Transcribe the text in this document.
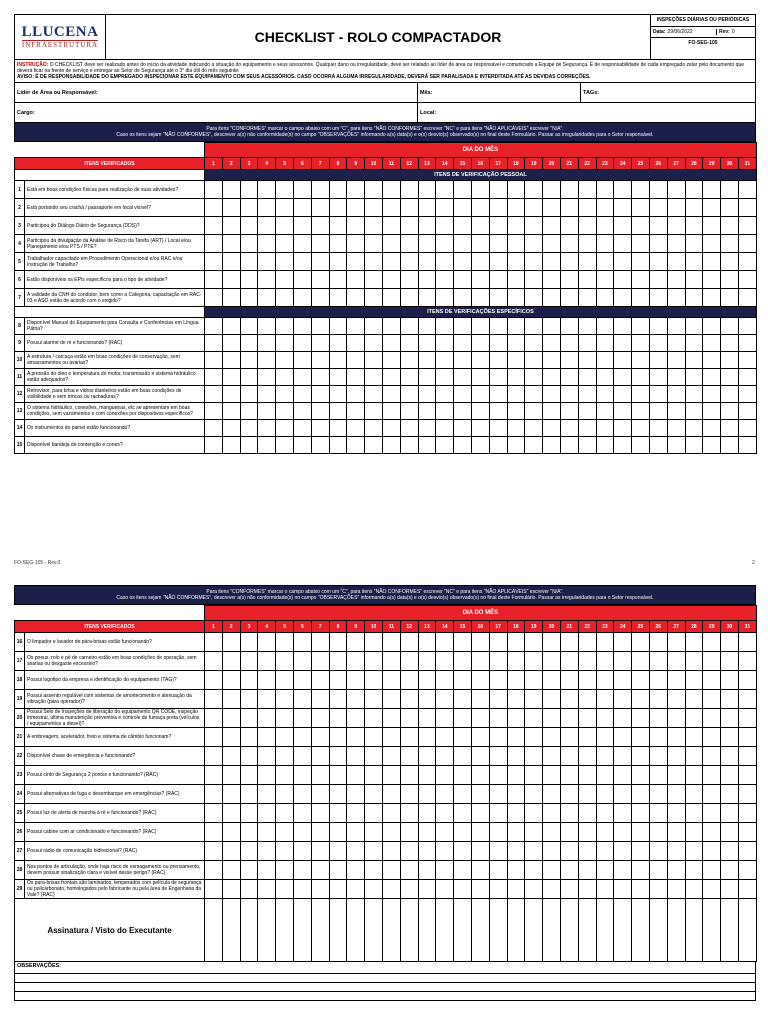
LLUCENA
INFRAESTRUTURA	CHECKLIST - ROLO COMPACTADOR
INSPEÇÕES DIÁRIAS OU PERIÓDICAS
Data: 29/06/2022	Rev: 0
FO-SEG-105
INSTRUÇÃO: O CHECKLIST deve ser realizado antes do início da atividade indicando a situação do equipamento e seus acessórios. Qualquer dano ou irregularidade, deve ser relatado ao líder de área ou responsável e comunicado a Equipe de Segurança. É de responsabilidade de cada empregado zelar pelo documento que deverá ficar na frente de serviço e entregar ao Setor de Segurança até o 3° dia útil do mês seguinte.
AVISO: É DE RESPONSABILIDADE DO EMPREGADO INSPECIONAR ESTE EQUIPAMENTO COM SEUS ACESSÓRIOS. CASO OCORRA ALGUMA IRREGULARIDADE, DEVERÁ SER PARALISADA E INTERDITADA ATÉ AS DEVIDAS CORREÇÕES.
Líder de Área ou Responsável:	Mês:	TAGs:
Cargo:	Local:
Para itens "CONFORMES" marcar o campo abaixo com um "C", para itens "NÃO CONFORMES" escrever "NC" e para itens "NÃO APLICÁVEIS" escrever "N/A".
Caso os itens sejam "NÃO CONFORMES", descrever a(s) não conformidade(s) no campo "OBSERVAÇÕES" informando a(s) data(s) e o(s) desvio(s) observado(s) no final deste Formulário. Passar as irregularidades para o Setor responsável.
		DIA DO MÊS																														
ITENS VERIFICADOS		1	2	3	4	5	6	7	8	9	10	11	12	13	14	15	16	17	18	19	20	21	22	23	24	25	26	27	28	29	30	31
		ITENS DE VERIFICAÇÃO PESSOAL																														
1	Está em boas condições físicas para realização de suas atividades?																															
2	Está portando seu crachá / passaporte em local visível?																															
3	Participou do Diálogo Diário de Segurança (DDS)?																															
4	Participou da divulgação da Análise de Risco da Tarefa (ART) / Local e/ou Planejamento e/ou PTS / PTE?																															
5	Trabalhador capacitado em Procedimento Operacional e/ou RAC e/ou Instrução de Trabalho?																															
6	Estão disponíveis os EPIs específicos para o tipo de atividade?																															
7	A validade da CNH do condutor, bem como a Categoria, capacitação em RAC-03 e ASO estão de acordo com o exigido?																															
		ITENS DE VERIFICAÇÕES ESPECÍFICOS																														
8	Disponível Manual do Equipamento para Consulta e Conferências em Língua Pátria?																															
9	Possui alarme de ré e funcionando? (RAC)																															
10	A estrutura / carcaça estão em boas condições de conservação, sem amassamentos ou avarias?																															
11	A pressão do óleo e temperatura do motor, transmissão e sistema hidráulico estão adequados?																															
12	Retrovisor, para brisa e vidros dianteiros estão em boas condições de visibilidade e sem trincas ou rachaduras?																															
13	O sistema hidráulico, conexões, mangueiras, etc se apresentam em boas condições, sem vazamentos e com conexões por dispositivos específicos?																															
14	Os instrumentos do painel estão funcionando?																															
15	Disponível bandeja de contenção e cones?																															
FO-SEG-105 - Rev.0	2
Para itens "CONFORMES" marcar o campo abaixo com um "C", para itens "NÃO CONFORMES" escrever "NC" e para itens "NÃO APLICÁVEIS" escrever "N/A".
Caso os itens sejam "NÃO CONFORMES", descrever a(s) não conformidade(s) no campo "OBSERVAÇÕES" informando a(s) data(s) e o(s) desvio(s) observado(s) no final deste Formulário. Passar as irregularidades para o Setor responsável.
		DIA DO MÊS																														
ITENS VERIFICADOS		1	2	3	4	5	6	7	8	9	10	11	12	13	14	15	16	17	18	19	20	21	22	23	24	25	26	27	28	29	30	31
16	O limpador e lavador de pára-brisas estão funcionando?																															
17	Os pneus, rolo e pé de carneiro estão em boas condições de operação, sem avarias ou desgaste excessivo?																															
18	Possui logotipo da empresa e identificação do equipamento (TAG)?																															
19	Possui assento regulável com sistemas de amortecimento e atenuação da vibração (para operador)?																															
20	Possui Selo de Inspeções de liberação do equipamento QR CODE, inspeção trimestral, última manutenção preventiva e controle de fumaça preta (veículos / equipamentos a diesel)?																															
21	A embreagem, acelerador, freio e sistema de câmbio funcionam?																															
22	Disponível chave de emergência e funcionando?																															
23	Possui cinto de Segurança 2 pontos e funcionando? (RAC)																															
24	Possui alternativas de fuga e desembarque em emergências? (RAC)																															
25	Possui luz de alerta de marcha à ré e funcionando? (RAC)																															
26	Possui cabine com ar condicionado e funcionando? (RAC)																															
27	Possui rádio de comunicação bidirecional? (RAC)																															
28	Nos pontos de articulação, onde haja risco de esmagamento ou prensamento, devem possuir sinalização clara e visível desse perigo? (RAC)																															
29	Os para-brisas frontais são laminados, temperados com película de segurança ou policarbonato, homologados pelo fabricante ou pela área de Engenharia da Vale? (RAC)																															
Assinatura / Visto do Executante																																
OBSERVAÇÕES:
